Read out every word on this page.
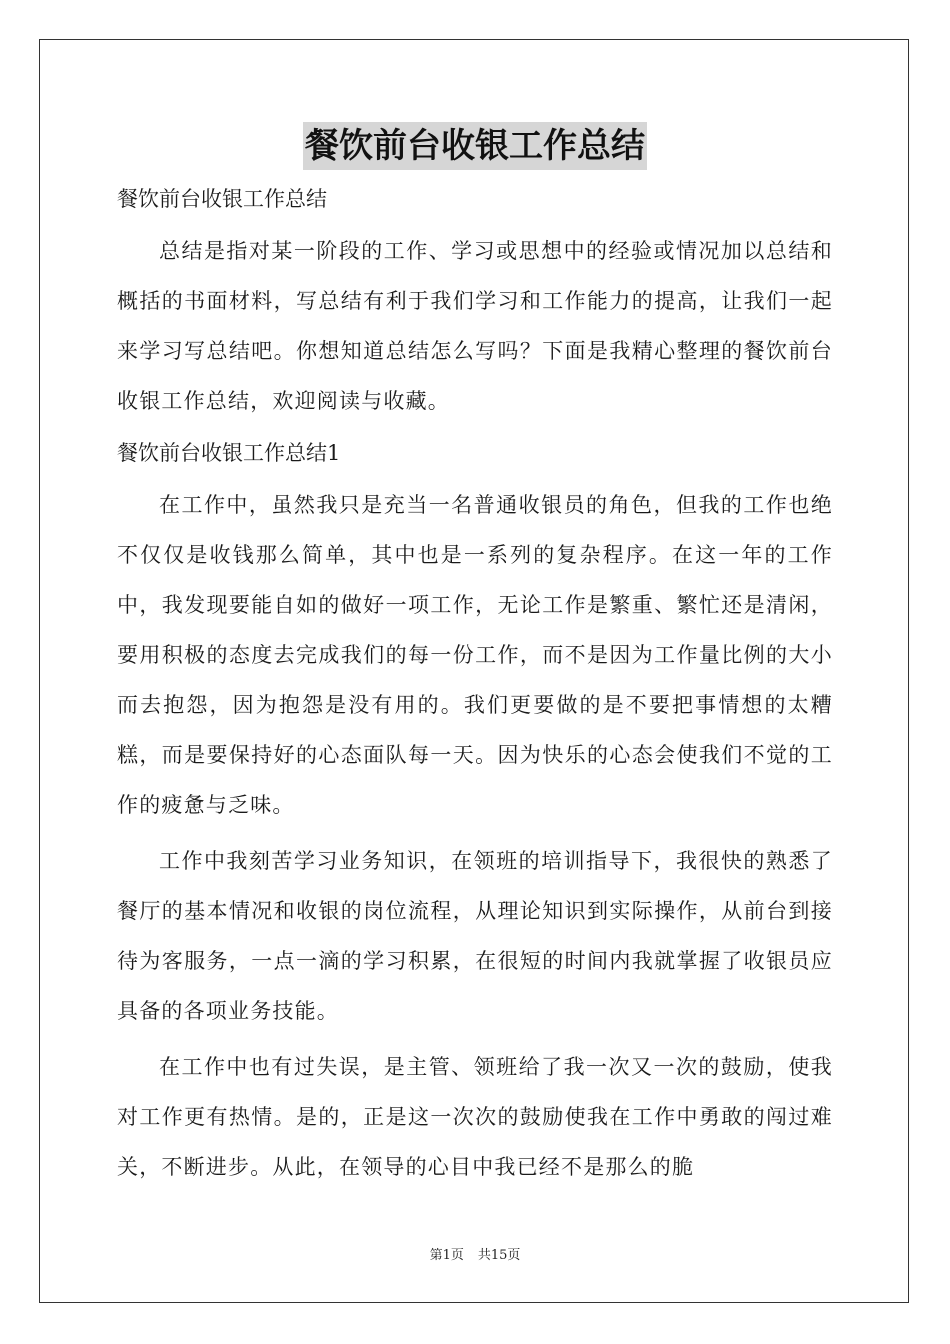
餐饮前台收银工作总结
餐饮前台收银工作总结

总结是指对某一阶段的工作、学习或思想中的经验或情况加以总结和概括的书面材料，写总结有利于我们学习和工作能力的提高，让我们一起来学习写总结吧。你想知道总结怎么写吗？下面是我精心整理的餐饮前台收银工作总结，欢迎阅读与收藏。

餐饮前台收银工作总结1

在工作中，虽然我只是充当一名普通收银员的角色，但我的工作也绝不仅仅是收钱那么简单，其中也是一系列的复杂程序。在这一年的工作中，我发现要能自如的做好一项工作，无论工作是繁重、繁忙还是清闲，要用积极的态度去完成我们的每一份工作，而不是因为工作量比例的大小而去抱怨，因为抱怨是没有用的。我们更要做的是不要把事情想的太糟糕，而是要保持好的心态面队每一天。因为快乐的心态会使我们不觉的工作的疲惫与乏味。

工作中我刻苦学习业务知识，在领班的培训指导下，我很快的熟悉了餐厅的基本情况和收银的岗位流程，从理论知识到实际操作，从前台到接待为客服务，一点一滴的学习积累，在很短的时间内我就掌握了收银员应具备的各项业务技能。

在工作中也有过失误，是主管、领班给了我一次又一次的鼓励，使我对工作更有热情。是的，正是这一次次的鼓励使我在工作中勇敢的闯过难关，不断进步。从此，在领导的心目中我已经不是那么的脆

第1页 共15页
